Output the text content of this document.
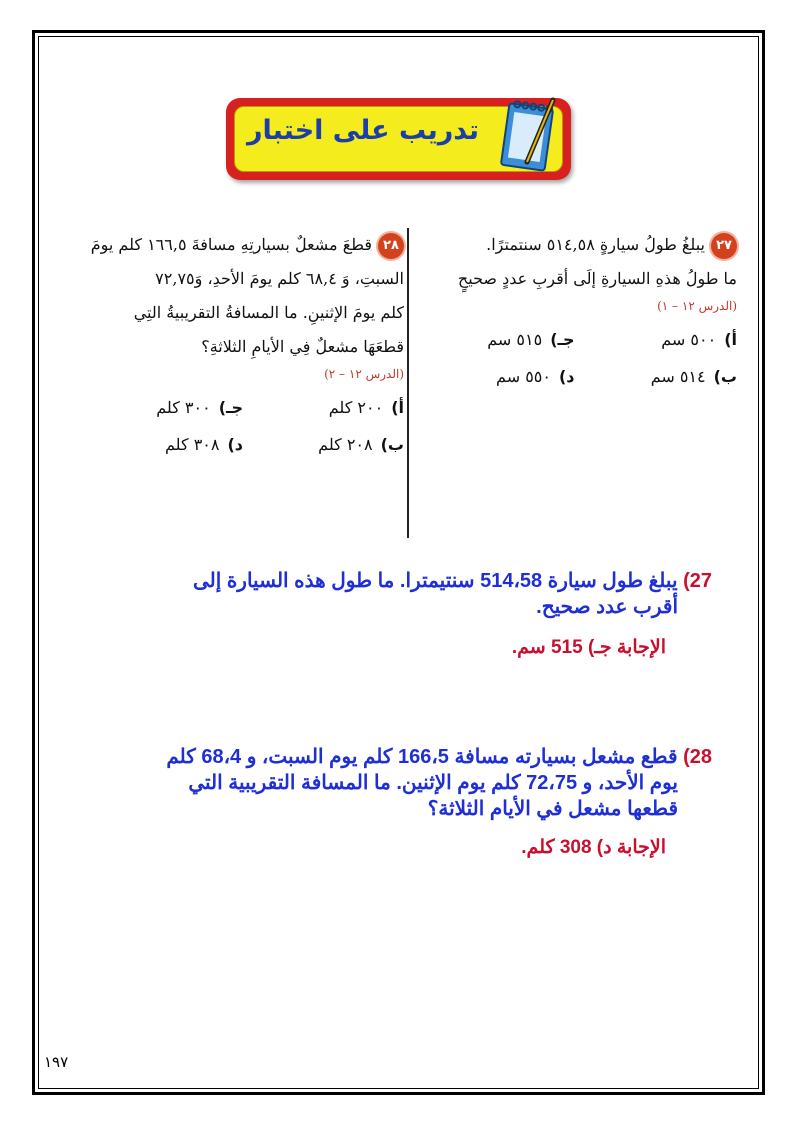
تدريب على اختبار
٢٧يبلغُ طولُ سيارةٍ ٥١٤,٥٨ سنتمترًا.
ما طولُ هذهِ السيارةِ إلَى أقربِ عددٍ صحيحٍ
(الدرس ١٢ – ١)
أ)٥٠٠ سم
جـ)٥١٥ سم
ب)٥١٤ سم
د)٥٥٠ سم
٢٨قطعَ مشعلٌ بسيارتِهِ مسافةَ ١٦٦,٥ كلم يومَ
السبتِ، وَ ٦٨,٤ كلم يومَ الأحدِ، وَ٧٢,٧٥
كلم يومَ الإثنينِ. ما المسافةُ التقريبيةُ التِي
قطعَهَا مشعلٌ فِي الأيامِ الثلاثةِ؟
(الدرس ١٢ – ٢)
أ)٢٠٠ كلم
جـ)٣٠٠ كلم
ب)٢٠٨ كلم
د)٣٠٨ كلم
27) يبلغ طول سيارة 514،58 سنتيمترا. ما طول هذه السيارة إلى
أقرب عدد صحيح.
الإجابة جـ) 515 سم.
28) قطع مشعل بسيارته مسافة 166،5 كلم يوم السبت، و 68،4 كلم
يوم الأحد، و 72،75 كلم يوم الإثنين. ما المسافة التقريبية التي
قطعها مشعل في الأيام الثلاثة؟
الإجابة د) 308 كلم.
١٩٧
